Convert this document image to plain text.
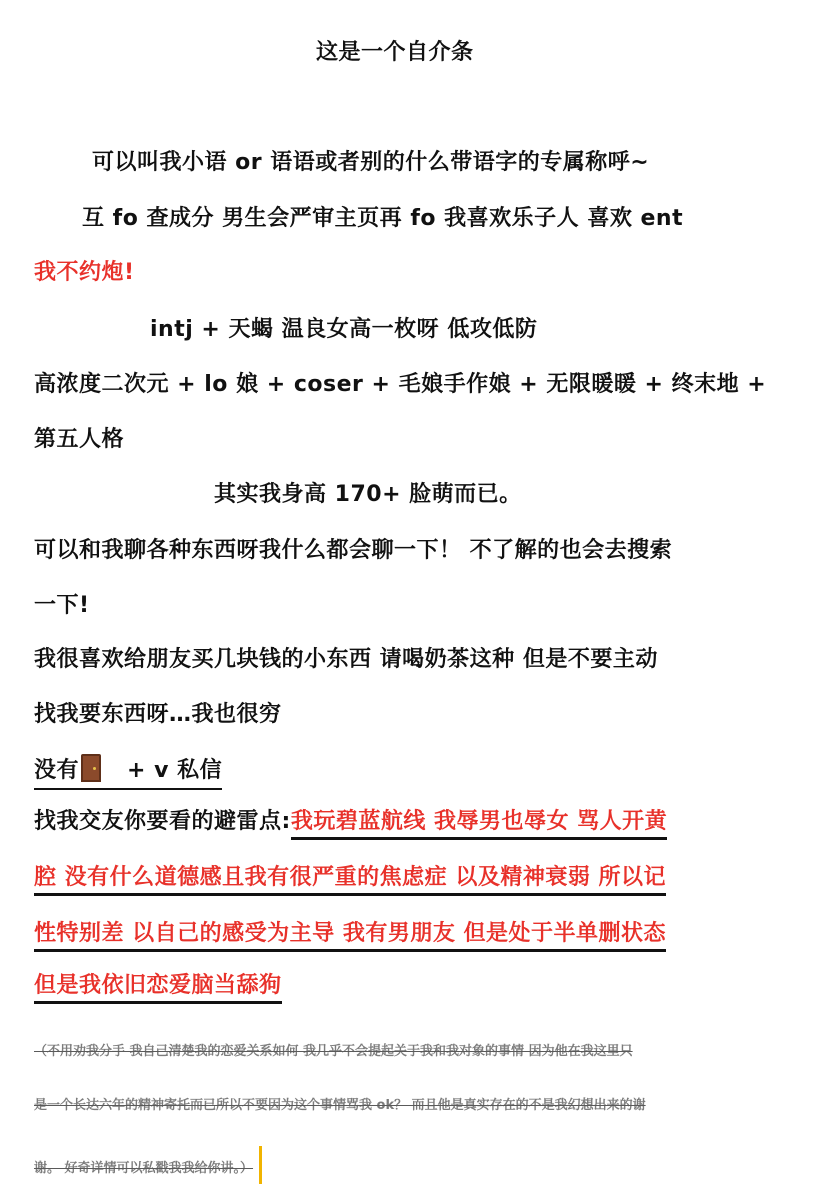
这是一个自介条
可以叫我小语 or 语语或者别的什么带语字的专属称呼~
互 fo 查成分 男生会严审主页再 fo 我喜欢乐子人 喜欢 ent
我不约炮!
intj + 天蝎 温良女高一枚呀 低攻低防
高浓度二次元 + lo 娘 + coser + 毛娘手作娘 + 无限暖暖 + 终末地 +
第五人格
其实我身高 170+ 脸萌而已。
可以和我聊各种东西呀我什么都会聊一下！ 不了解的也会去搜索
一下!
我很喜欢给朋友买几块钱的小东西 请喝奶茶这种 但是不要主动
找我要东西呀…我也很穷
没有 + v 私信
找我交友你要看的避雷点:我玩碧蓝航线 我辱男也辱女 骂人开黄
腔 没有什么道德感且我有很严重的焦虑症 以及精神衰弱 所以记
性特别差 以自己的感受为主导 我有男朋友 但是处于半单删状态
但是我依旧恋爱脑当舔狗
（不用劝我分手 我自己清楚我的恋爱关系如何 我几乎不会提起关于我和我对象的事情 因为他在我这里只
是一个长达六年的精神寄托而已所以不要因为这个事情骂我 ok？ 而且他是真实存在的不是我幻想出来的谢
谢。 好奇详情可以私戳我我给你讲。）
